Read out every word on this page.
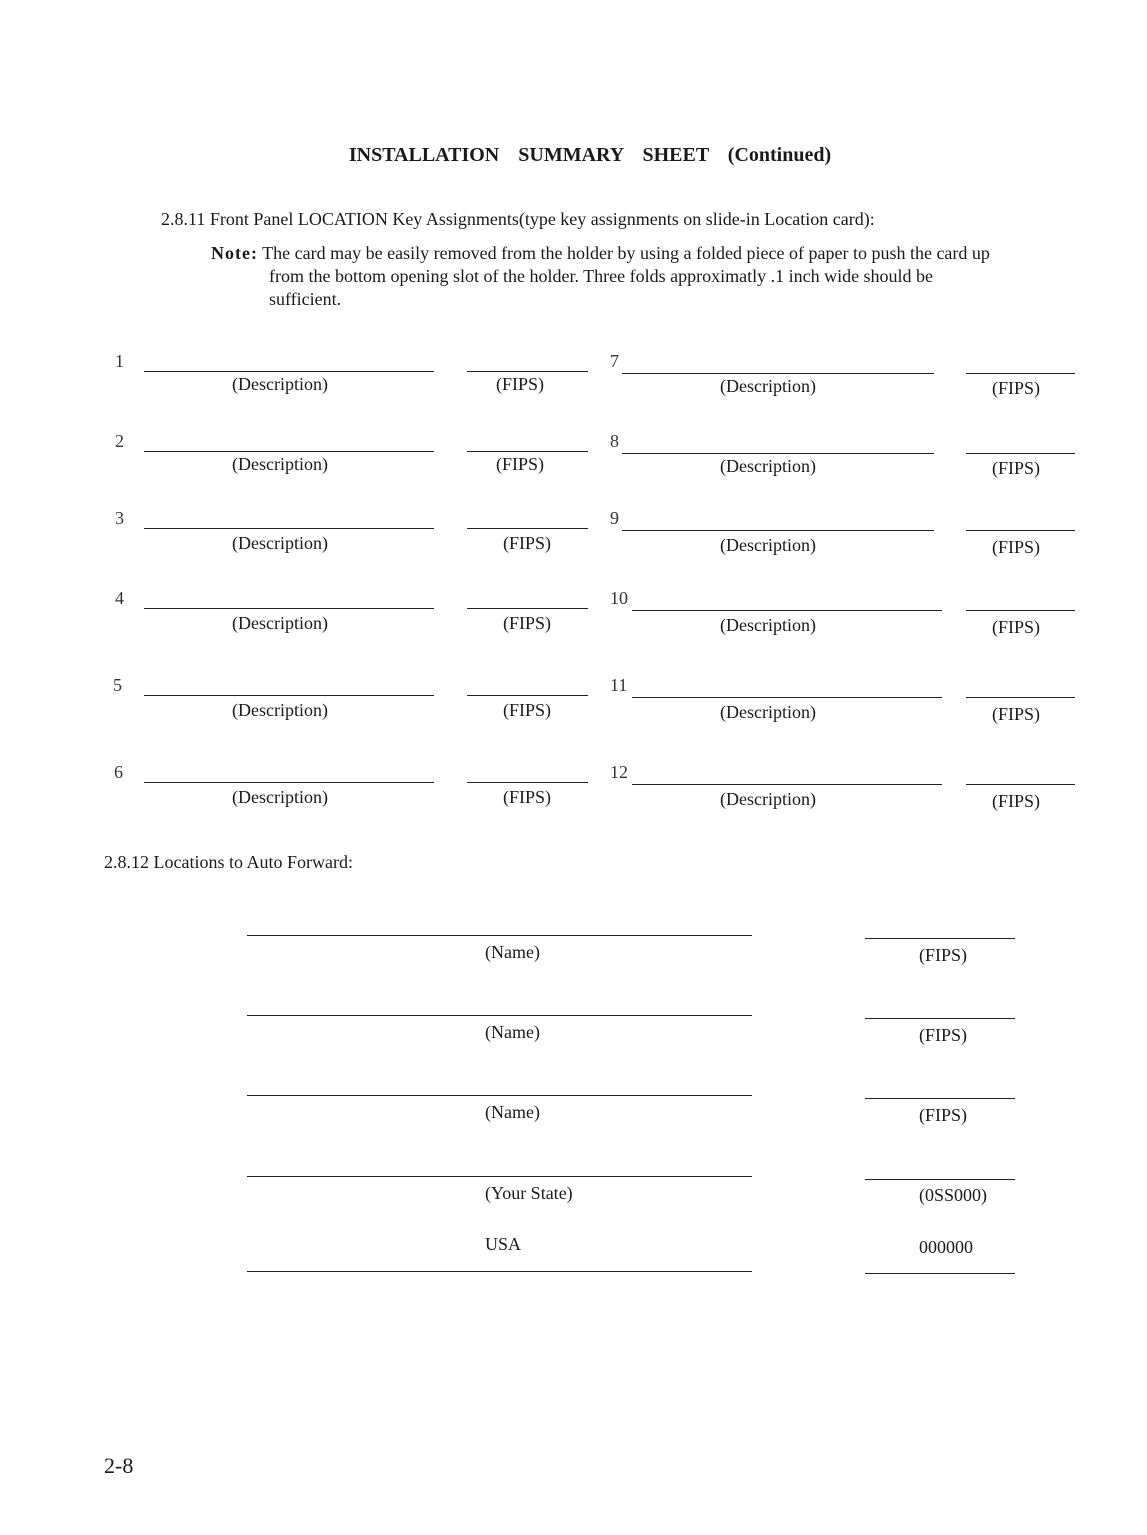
INSTALLATION SUMMARY SHEET (Continued)
2.8.11 Front Panel LOCATION Key Assignments(type key assignments on slide-in Location card):
Note: The card may be easily removed from the holder by using a folded piece of paper to push the card up
from the bottom opening slot of the holder. Three folds approximatly .1 inch wide should be
sufficient.
1
(Description)	(FIPS)
2
(Description)	(FIPS)
3
(Description)	(FIPS)
4
(Description)	(FIPS)
5
(Description)	(FIPS)
6
(Description)	(FIPS)
7
(Description)	(FIPS)
8
(Description)	(FIPS)
9
(Description)	(FIPS)
10
(Description)	(FIPS)
11
(Description)	(FIPS)
12
(Description)	(FIPS)
2.8.12 Locations to Auto Forward:
(Name)	(FIPS)
(Name)	(FIPS)
(Name)	(FIPS)
(Your State)	(0SS000)
USA	000000
2-8
